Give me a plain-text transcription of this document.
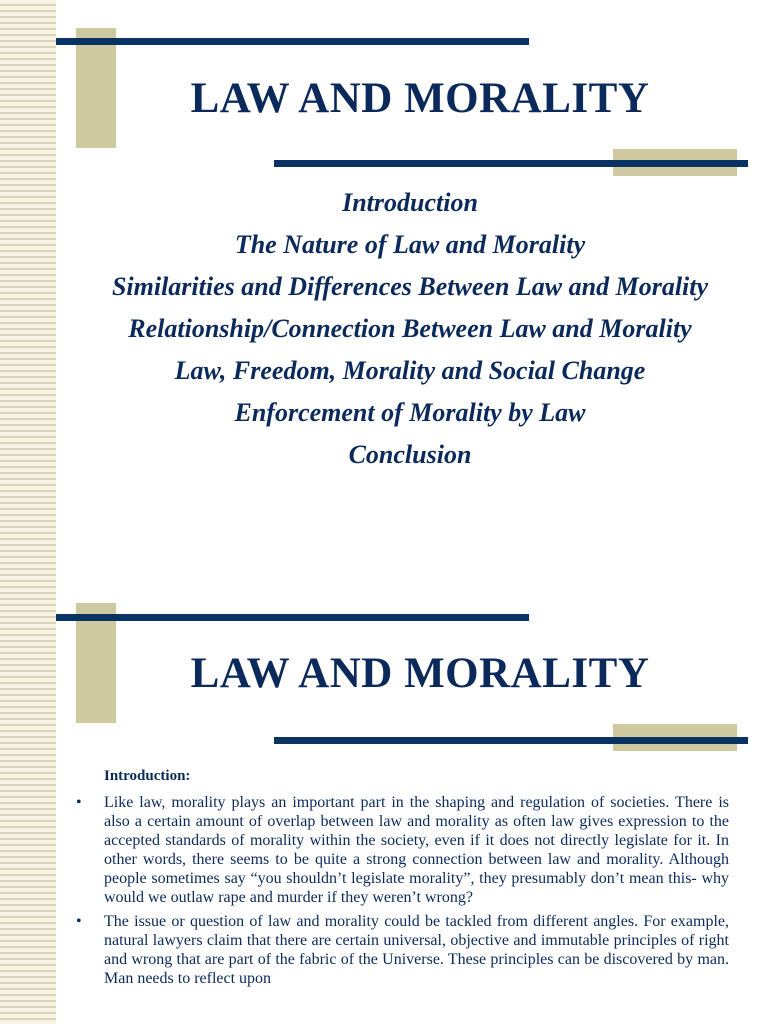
LAW AND MORALITY
Introduction
The Nature of Law and Morality
Similarities and Differences Between Law and Morality
Relationship/Connection Between Law and Morality
Law, Freedom, Morality and Social Change
Enforcement of Morality by Law
Conclusion
LAW AND MORALITY

Introduction:

• Like law, morality plays an important part in the shaping and regulation of societies. There is also a certain amount of overlap between law and morality as often law gives expression to the accepted standards of morality within the society, even if it does not directly legislate for it. In other words, there seems to be quite a strong connection between law and morality. Although people sometimes say “you shouldn’t legislate morality”, they presumably don’t mean this- why would we outlaw rape and murder if they weren’t wrong?
• The issue or question of law and morality could be tackled from different angles. For example, natural lawyers claim that there are certain universal, objective and immutable principles of right and wrong that are part of the fabric of the Universe. These principles can be discovered by man. Man needs to reflect upon
